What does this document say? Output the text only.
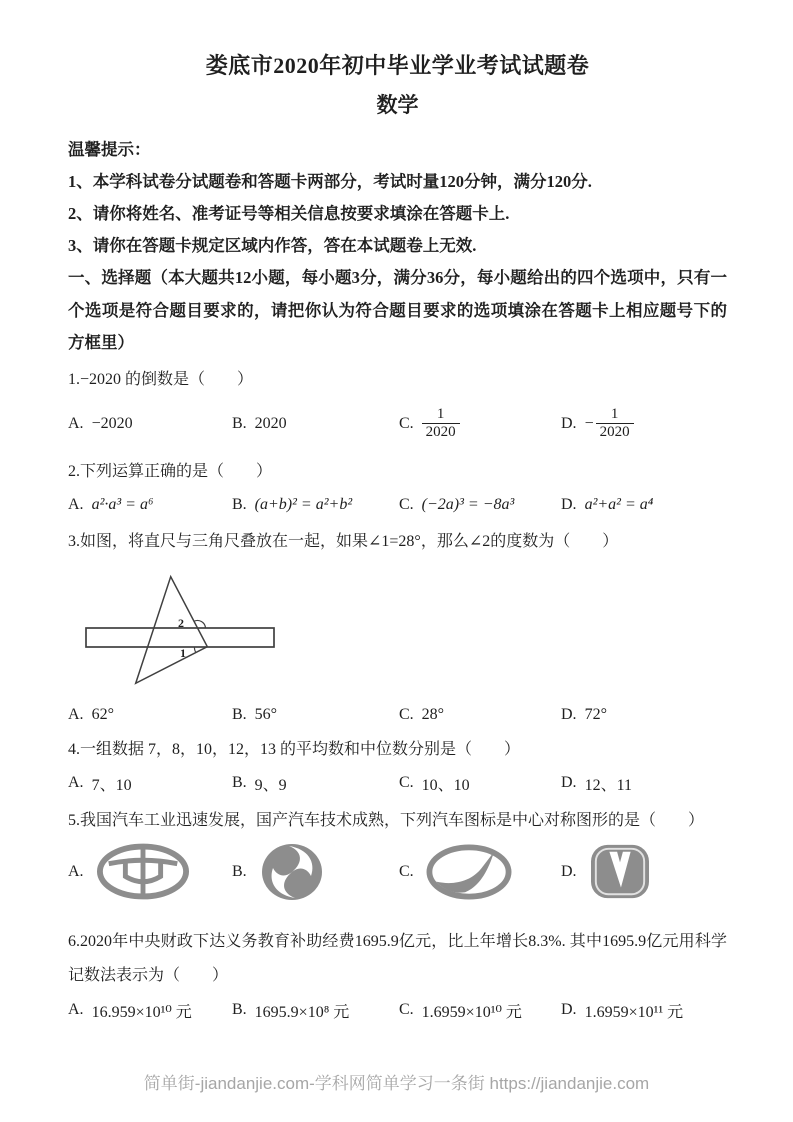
娄底市2020年初中毕业学业考试试题卷
数学

温馨提示：

1、本学科试卷分试题卷和答题卡两部分，考试时量120分钟，满分120分.

2、请你将姓名、准考证号等相关信息按要求填涂在答题卡上.

3、请你在答题卡规定区域内作答，答在本试题卷上无效.

一、选择题（本大题共12小题，每小题3分，满分36分，每小题给出的四个选项中，只有一个选项是符合题目要求的，请把你认为符合题目要求的选项填涂在答题卡上相应题号下的方框里）

1.−2020 的倒数是（　　）

A. −2020	B. 2020	C. $\frac{1}{2020}$	D. − $\frac{1}{2020}$

2.下列运算正确的是（　　）

A. a²·a³ = a⁶	B. (a+b)² = a²+b²	C. (−2a)³ = −8a³	D. a²+a² = a⁴

3.如图，将直尺与三角尺叠放在一起，如果∠1=28°，那么∠2的度数为（　　）

2
1
A. 62°	B. 56°	C. 28°	D. 72°

4.一组数据 7，8，10，12，13 的平均数和中位数分别是（　　）

A. 7、10	B. 9、9	C. 10、10	D. 12、11

5.我国汽车工业迅速发展，国产汽车技术成熟，下列汽车图标是中心对称图形的是（　　）

A.	B.	C.	D.

6.2020年中央财政下达义务教育补助经费1695.9亿元，比上年增长8.3%. 其中1695.9亿元用科学记数法表示为（　　）

A. 16.959×10¹⁰ 元	B. 1695.9×10⁸ 元	C. 1.6959×10¹⁰ 元 D. 1.6959×10¹¹ 元
简单街-jiandanjie.com-学科网简单学习一条街 https://jiandanjie.com
